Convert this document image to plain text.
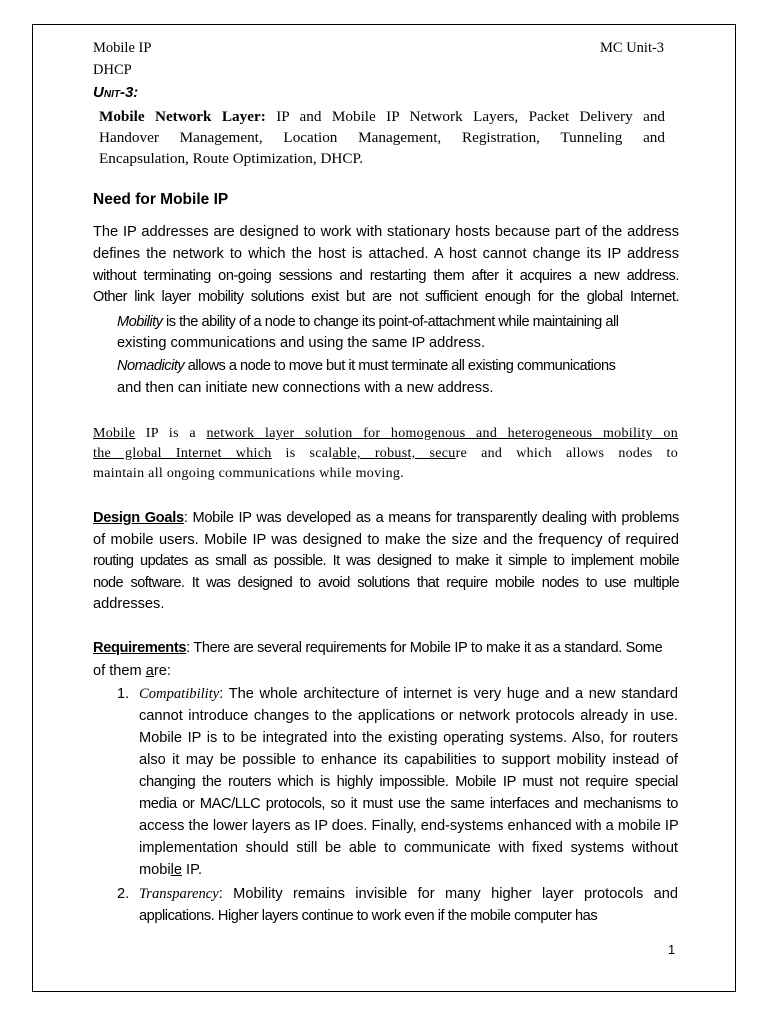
Mobile IP	MC Unit-3
DHCP
UNIT-3:
Mobile Network Layer: IP and Mobile IP Network Layers, Packet Delivery and
Handover Management, Location Management, Registration, Tunneling and
Encapsulation, Route Optimization, DHCP.
Need for Mobile IP
The IP addresses are designed to work with stationary hosts because part of the address
defines the network to which the host is attached. A host cannot change its IP address
without terminating on-going sessions and restarting them after it acquires a new address.
Other link layer mobility solutions exist but are not sufficient enough for the global Internet.
Mobility is the ability of a node to change its point-of-attachment while maintaining all
existing communications and using the same IP address.
Nomadicity allows a node to move but it must terminate all existing communications
and then can initiate new connections with a new address.
Mobile IP is a network layer solution for homogenous and heterogeneous mobility on
the global Internet which is scalable, robust, secure and which allows nodes to
maintain all ongoing communications while moving.
Design Goals: Mobile IP was developed as a means for transparently dealing with problems
of mobile users. Mobile IP was designed to make the size and the frequency of required
routing updates as small as possible. It was designed to make it simple to implement mobile
node software. It was designed to avoid solutions that require mobile nodes to use multiple
addresses.
Requirements: There are several requirements for Mobile IP to make it as a standard. Some
of them are:
1. Compatibility: The whole architecture of internet is very huge and a new standard
cannot introduce changes to the applications or network protocols already in use.
Mobile IP is to be integrated into the existing operating systems. Also, for routers
also it may be possible to enhance its capabilities to support mobility instead of
changing the routers which is highly impossible. Mobile IP must not require special
media or MAC/LLC protocols, so it must use the same interfaces and mechanisms to
access the lower layers as IP does. Finally, end-systems enhanced with a mobile IP
implementation should still be able to communicate with fixed systems without
mobile IP.
2. Transparency: Mobility remains invisible for many higher layer protocols and
applications. Higher layers continue to work even if the mobile computer has
1
